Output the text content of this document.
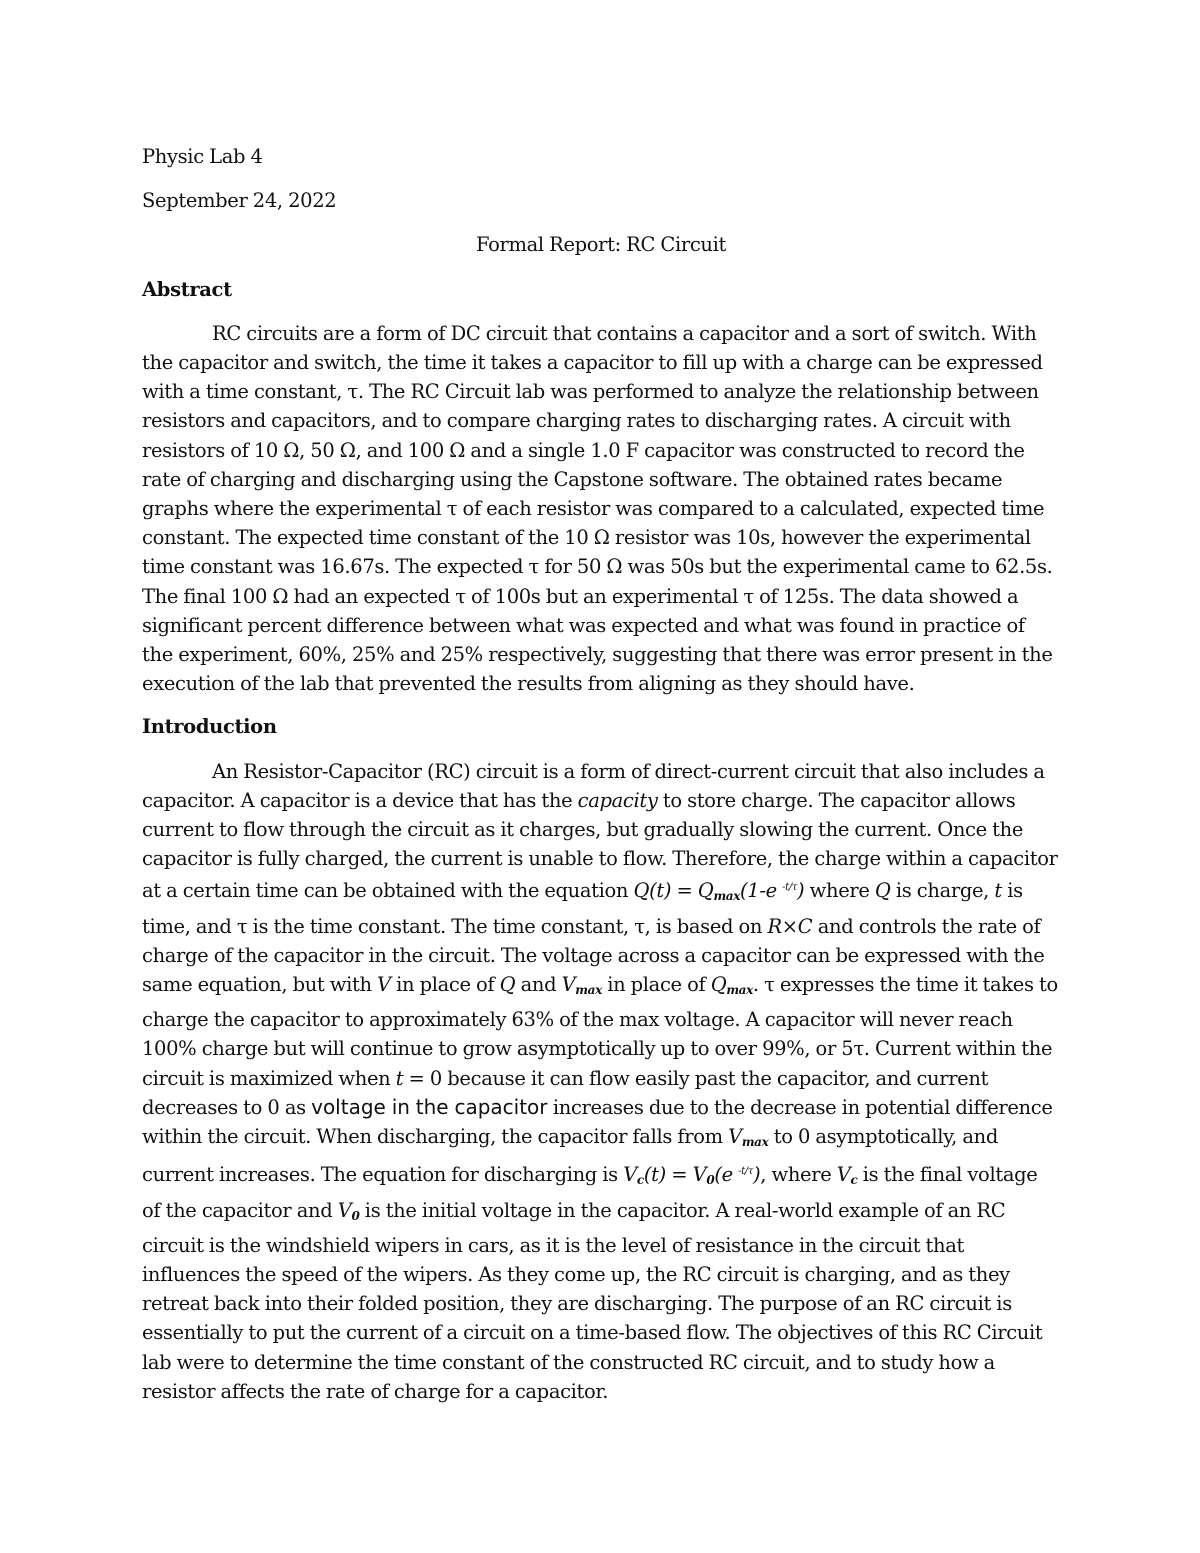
Physic Lab 4
September 24, 2022
Formal Report: RC Circuit
Abstract

RC circuits are a form of DC circuit that contains a capacitor and a sort of switch. With the capacitor and switch, the time it takes a capacitor to fill up with a charge can be expressed with a time constant, τ. The RC Circuit lab was performed to analyze the relationship between resistors and capacitors, and to compare charging rates to discharging rates. A circuit with resistors of 10 Ω, 50 Ω, and 100 Ω and a single 1.0 F capacitor was constructed to record the rate of charging and discharging using the Capstone software. The obtained rates became graphs where the experimental τ of each resistor was compared to a calculated, expected time constant. The expected time constant of the 10 Ω resistor was 10s, however the experimental time constant was 16.67s. The expected τ for 50 Ω was 50s but the experimental came to 62.5s. The final 100 Ω had an expected τ of 100s but an experimental τ of 125s. The data showed a significant percent difference between what was expected and what was found in practice of the experiment, 60%, 25% and 25% respectively, suggesting that there was error present in the execution of the lab that prevented the results from aligning as they should have.

Introduction

An Resistor-Capacitor (RC) circuit is a form of direct-current circuit that also includes a capacitor. A capacitor is a device that has the capacity to store charge. The capacitor allows current to flow through the circuit as it charges, but gradually slowing the current. Once the capacitor is fully charged, the current is unable to flow. Therefore, the charge within a capacitor at a certain time can be obtained with the equation $Q(t) = Q_{max}(1-e$ $^{-t/\tau}$) where Q is charge, t is time, and τ is the time constant. The time constant, τ, is based on R×C and controls the rate of charge of the capacitor in the circuit. The voltage across a capacitor can be expressed with the same equation, but with V in place of Q and $V_{max}$ in place of $Q_{max}$. τ expresses the time it takes to charge the capacitor to approximately 63% of the max voltage. A capacitor will never reach 100% charge but will continue to grow asymptotically up to over 99%, or 5τ. Current within the circuit is maximized when t = 0 because it can flow easily past the capacitor, and current decreases to 0 as voltage in the capacitor increases due to the decrease in potential difference within the circuit. When discharging, the capacitor falls from $V_{max}$ to 0 asymptotically, and current increases. The equation for discharging is $V_c(t) = V_0(e$ $^{-t/\tau}$), where $V_c$ is the final voltage of the capacitor and $V_0$ is the initial voltage in the capacitor. A real-world example of an RC circuit is the windshield wipers in cars, as it is the level of resistance in the circuit that influences the speed of the wipers. As they come up, the RC circuit is charging, and as they retreat back into their folded position, they are discharging. The purpose of an RC circuit is essentially to put the current of a circuit on a time-based flow. The objectives of this RC Circuit lab were to determine the time constant of the constructed RC circuit, and to study how a resistor affects the rate of charge for a capacitor.
